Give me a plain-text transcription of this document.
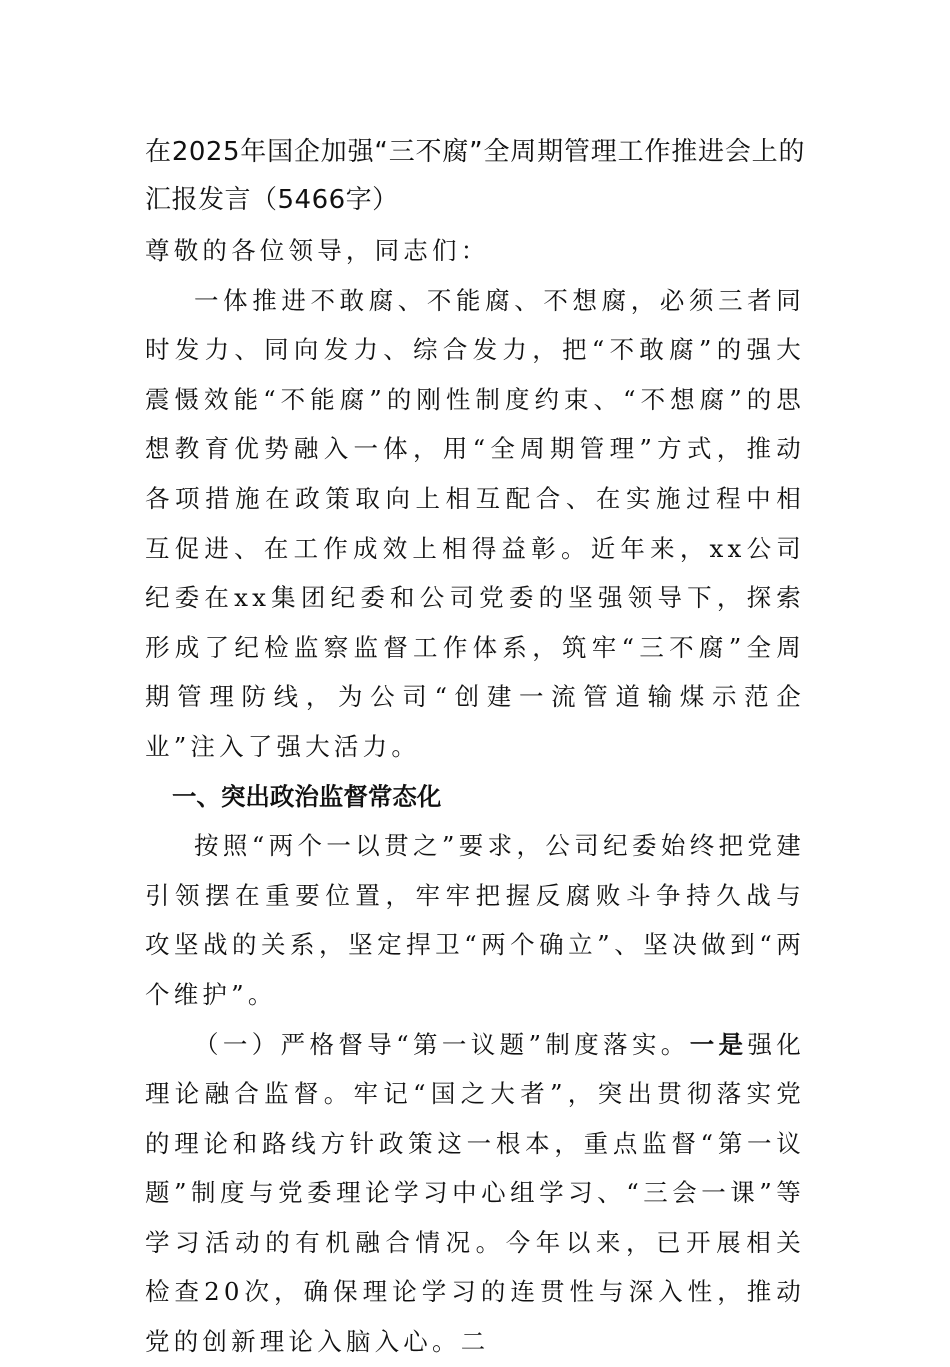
在2025年国企加强“三不腐”全周期管理工作推进会上的汇报发言（5466字）

尊敬的各位领导，同志们：

一体推进不敢腐、不能腐、不想腐，必须三者同时发力、同向发力、综合发力，把“不敢腐”的强大震慑效能“不能腐”的刚性制度约束、“不想腐”的思想教育优势融入一体，用“全周期管理”方式，推动各项措施在政策取向上相互配合、在实施过程中相互促进、在工作成效上相得益彰。近年来，xx公司纪委在xx集团纪委和公司党委的坚强领导下，探索形成了纪检监察监督工作体系，筑牢“三不腐”全周期管理防线，为公司“创建一流管道输煤示范企业”注入了强大活力。

一、突出政治监督常态化

按照“两个一以贯之”要求，公司纪委始终把党建引领摆在重要位置，牢牢把握反腐败斗争持久战与攻坚战的关系，坚定捍卫“两个确立”、坚决做到“两个维护”。

（一）严格督导“第一议题”制度落实。一是强化理论融合监督。牢记“国之大者”，突出贯彻落实党的理论和路线方针政策这一根本，重点监督“第一议题”制度与党委理论学习中心组学习、“三会一课”等学习活动的有机融合情况。今年以来，已开展相关检查20次，确保理论学习的连贯性与深入性，推动党的创新理论入脑入心。二
